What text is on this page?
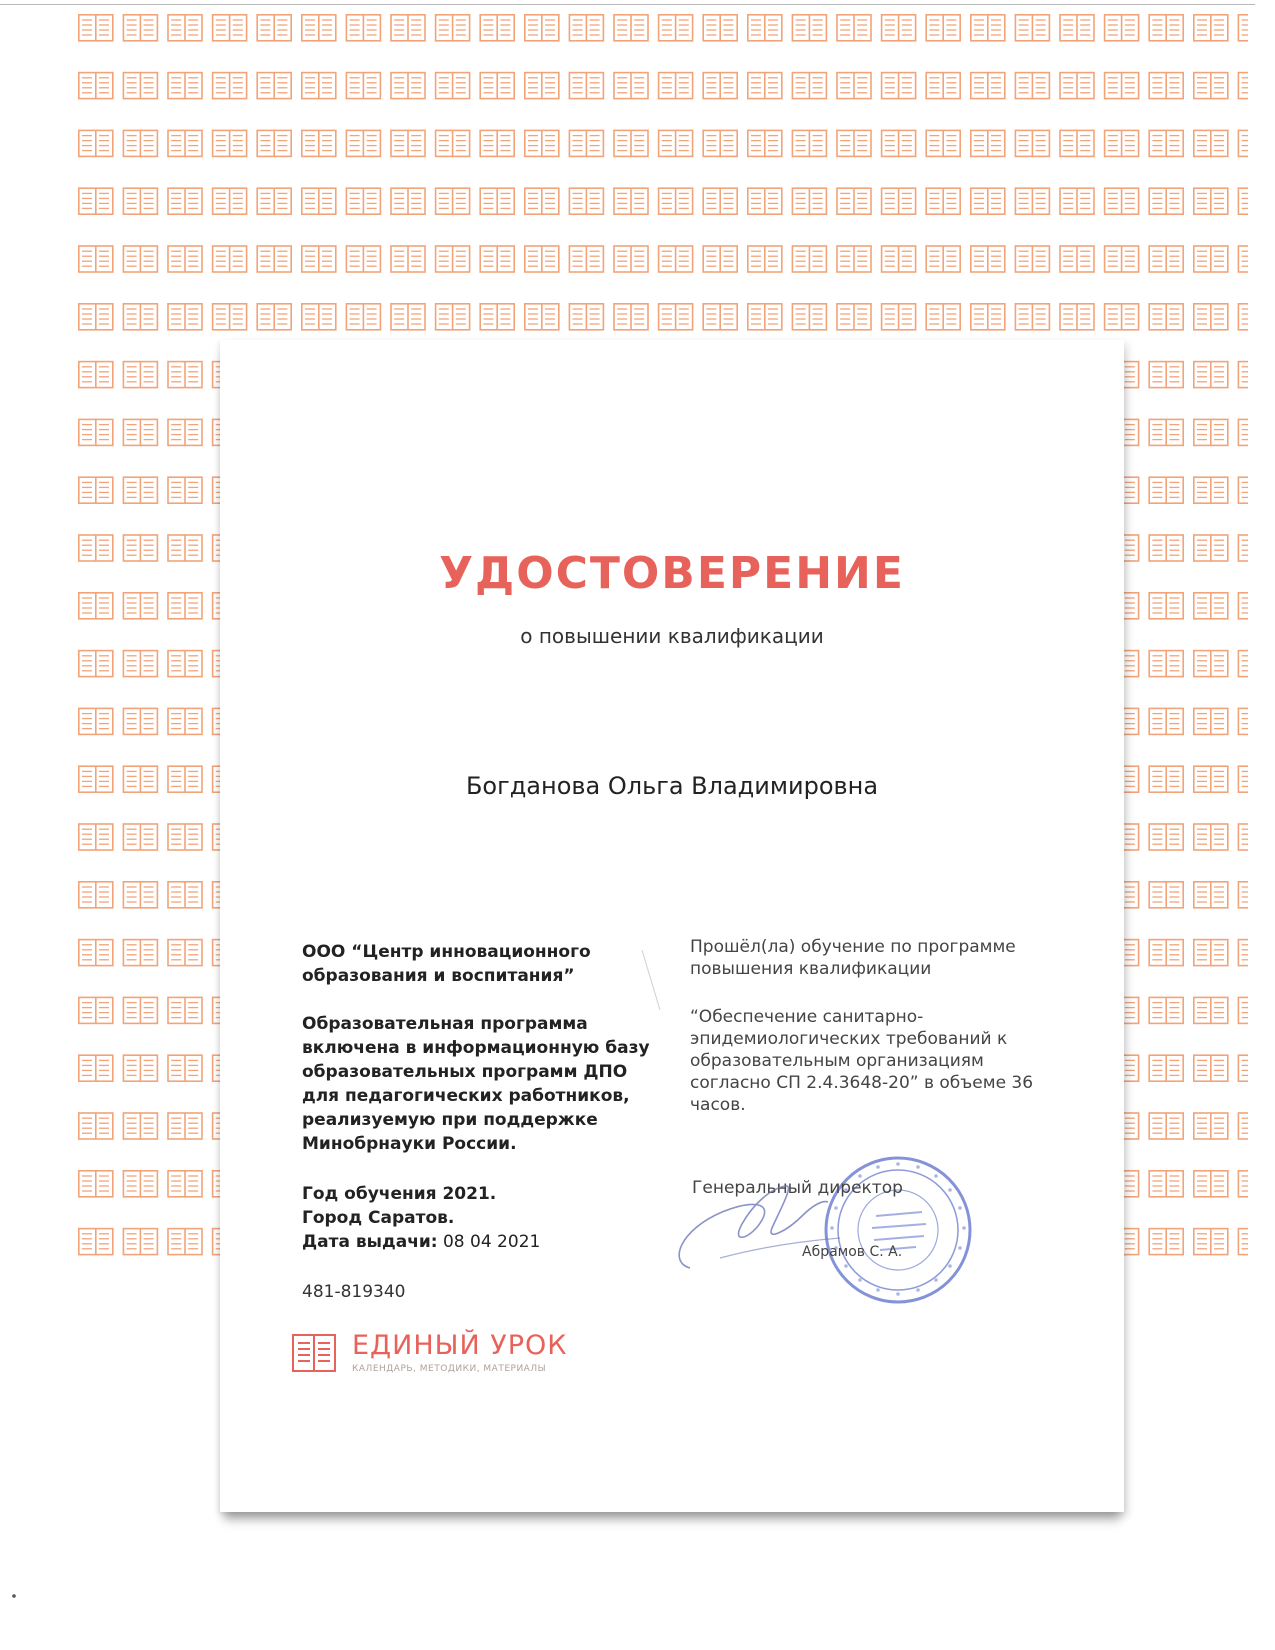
УДОСТОВЕРЕНИЕ
о повышении квалификации
Богданова Ольга Владимировна
ООО “Центр инновационного образования и воспитания”
Образовательная программа включена в информационную базу образовательных программ ДПО для педагогических работников, реализуемую при поддержке Минобрнауки России.
Год обучения 2021.
Город Саратов.
Дата выдачи: 08 04 2021
481-819340
Прошёл(ла) обучение по программе повышения квалификации
“Обеспечение санитарно-эпидемиологических требований к образовательным организациям согласно СП 2.4.3648-20” в объеме 36 часов.
Генеральный директор
Абрамов С. А.
ЕДИНЫЙ УРОК
КАЛЕНДАРЬ, МЕТОДИКИ, МАТЕРИАЛЫ
